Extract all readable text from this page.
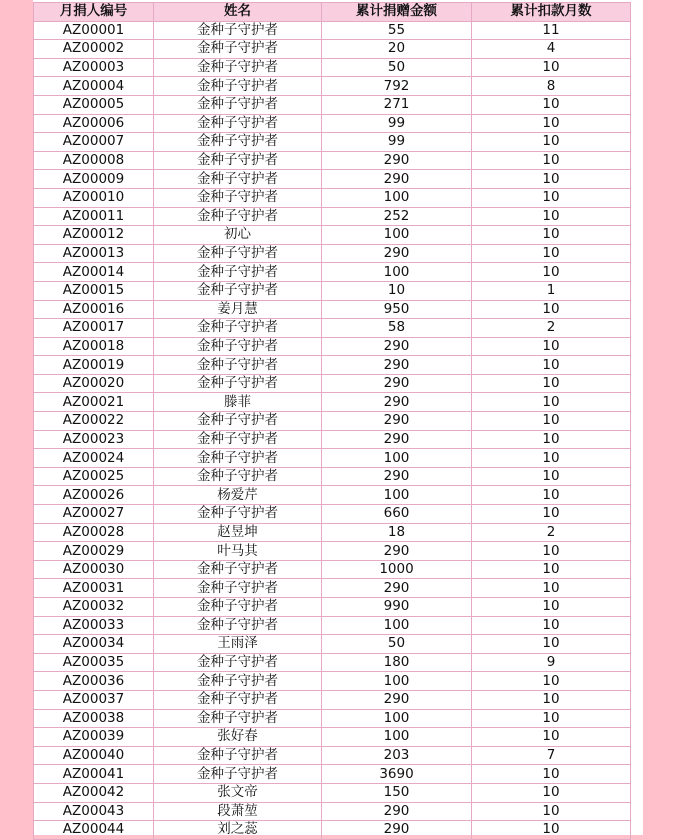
月捐人编号	姓名	累计捐赠金额	累计扣款月数
AZ00001	金种子守护者	55	11
AZ00002	金种子守护者	20	4
AZ00003	金种子守护者	50	10
AZ00004	金种子守护者	792	8
AZ00005	金种子守护者	271	10
AZ00006	金种子守护者	99	10
AZ00007	金种子守护者	99	10
AZ00008	金种子守护者	290	10
AZ00009	金种子守护者	290	10
AZ00010	金种子守护者	100	10
AZ00011	金种子守护者	252	10
AZ00012	初心	100	10
AZ00013	金种子守护者	290	10
AZ00014	金种子守护者	100	10
AZ00015	金种子守护者	10	1
AZ00016	姜月慧	950	10
AZ00017	金种子守护者	58	2
AZ00018	金种子守护者	290	10
AZ00019	金种子守护者	290	10
AZ00020	金种子守护者	290	10
AZ00021	滕菲	290	10
AZ00022	金种子守护者	290	10
AZ00023	金种子守护者	290	10
AZ00024	金种子守护者	100	10
AZ00025	金种子守护者	290	10
AZ00026	杨爱芹	100	10
AZ00027	金种子守护者	660	10
AZ00028	赵昱坤	18	2
AZ00029	叶马其	290	10
AZ00030	金种子守护者	1000	10
AZ00031	金种子守护者	290	10
AZ00032	金种子守护者	990	10
AZ00033	金种子守护者	100	10
AZ00034	王雨泽	50	10
AZ00035	金种子守护者	180	9
AZ00036	金种子守护者	100	10
AZ00037	金种子守护者	290	10
AZ00038	金种子守护者	100	10
AZ00039	张好春	100	10
AZ00040	金种子守护者	203	7
AZ00041	金种子守护者	3690	10
AZ00042	张文帝	150	10
AZ00043	段萧堃	290	10
AZ00044	刘之蕊	290	10
